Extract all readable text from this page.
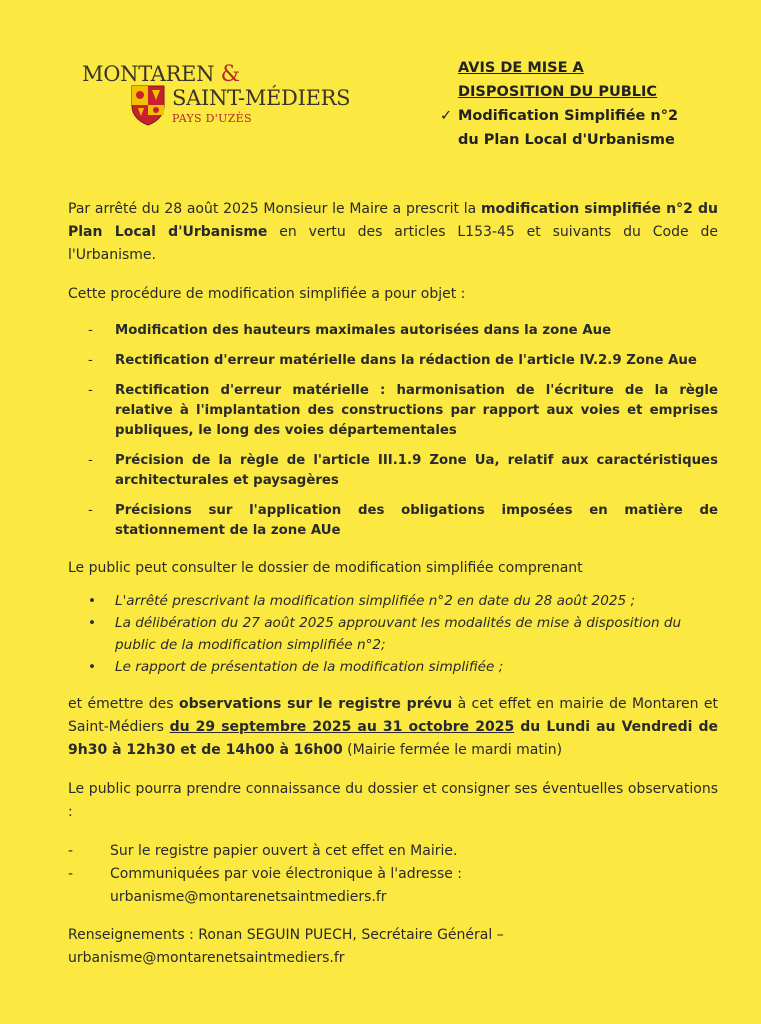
MONTAREN &
SAINT-MÉDIERS
PAYS D'UZÈS
AVIS DE MISE A
DISPOSITION DU PUBLIC
✓ Modification Simplifiée n°2
du Plan Local d'Urbanisme

Par arrêté du 28 août 2025 Monsieur le Maire a prescrit la modification simplifiée n°2 du Plan Local d'Urbanisme en vertu des articles L153-45 et suivants du Code de l'Urbanisme.

Cette procédure de modification simplifiée a pour objet :

- Modification des hauteurs maximales autorisées dans la zone Aue
- Rectification d'erreur matérielle dans la rédaction de l'article IV.2.9 Zone Aue
- Rectification d'erreur matérielle : harmonisation de l'écriture de la règle relative à l'implantation des constructions par rapport aux voies et emprises publiques, le long des voies départementales
- Précision de la règle de l'article III.1.9 Zone Ua, relatif aux caractéristiques architecturales et paysagères
- Précisions sur l'application des obligations imposées en matière de stationnement de la zone AUe

Le public peut consulter le dossier de modification simplifiée comprenant

• L'arrêté prescrivant la modification simplifiée n°2 en date du 28 août 2025 ;
• La délibération du 27 août 2025 approuvant les modalités de mise à disposition du public de la modification simplifiée n°2;
• Le rapport de présentation de la modification simplifiée ;

et émettre des observations sur le registre prévu à cet effet en mairie de Montaren et Saint-Médiers du 29 septembre 2025 au 31 octobre 2025 du Lundi au Vendredi de 9h30 à 12h30 et de 14h00 à 16h00 (Mairie fermée le mardi matin)

Le public pourra prendre connaissance du dossier et consigner ses éventuelles observations :

- Sur le registre papier ouvert à cet effet en Mairie.
- Communiquées par voie électronique à l'adresse :
urbanisme@montarenetsaintmediers.fr

Renseignements : Ronan SEGUIN PUECH, Secrétaire Général –
urbanisme@montarenetsaintmediers.fr
